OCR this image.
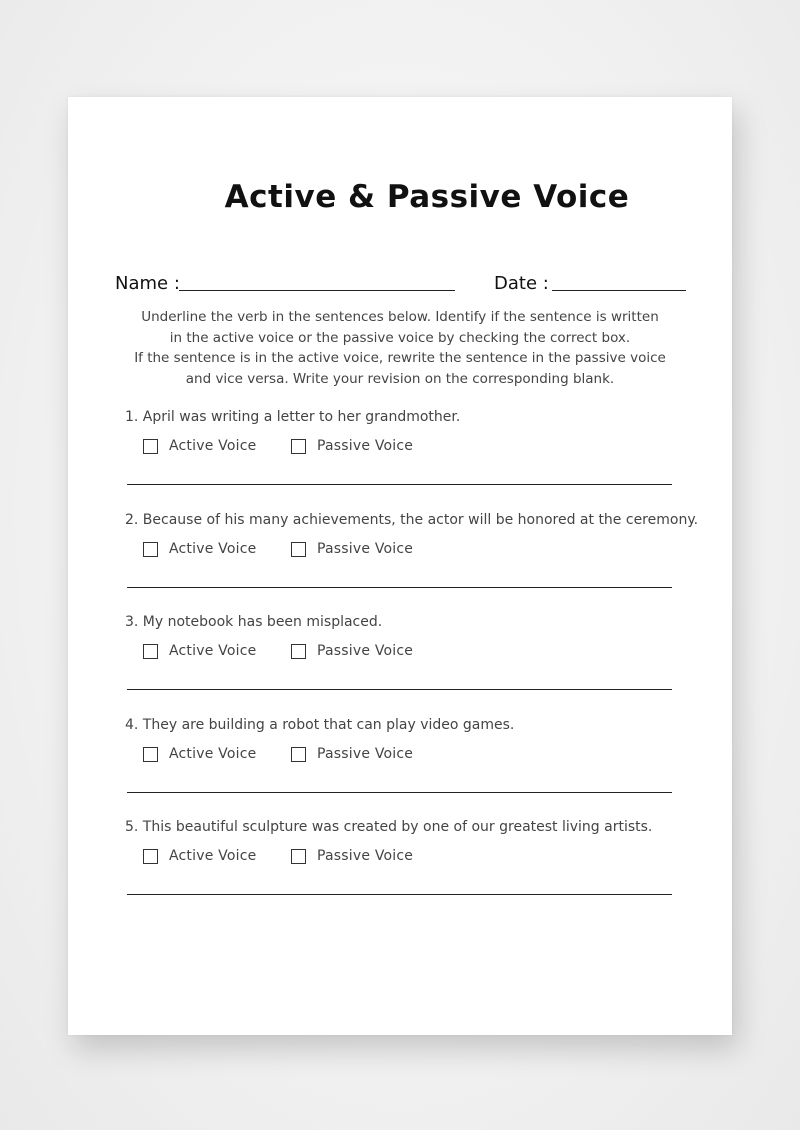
Active & Passive Voice
Name :	Date :
Underline the verb in the sentences below. Identify if the sentence is written
in the active voice or the passive voice by checking the correct box.
If the sentence is in the active voice, rewrite the sentence in the passive voice
and vice versa. Write your revision on the corresponding blank.
1. April was writing a letter to her grandmother.
Active Voice	Passive Voice
2. Because of his many achievements, the actor will be honored at the ceremony.
Active Voice	Passive Voice
3. My notebook has been misplaced.
Active Voice	Passive Voice
4. They are building a robot that can play video games.
Active Voice	Passive Voice
5. This beautiful sculpture was created by one of our greatest living artists.
Active Voice	Passive Voice
